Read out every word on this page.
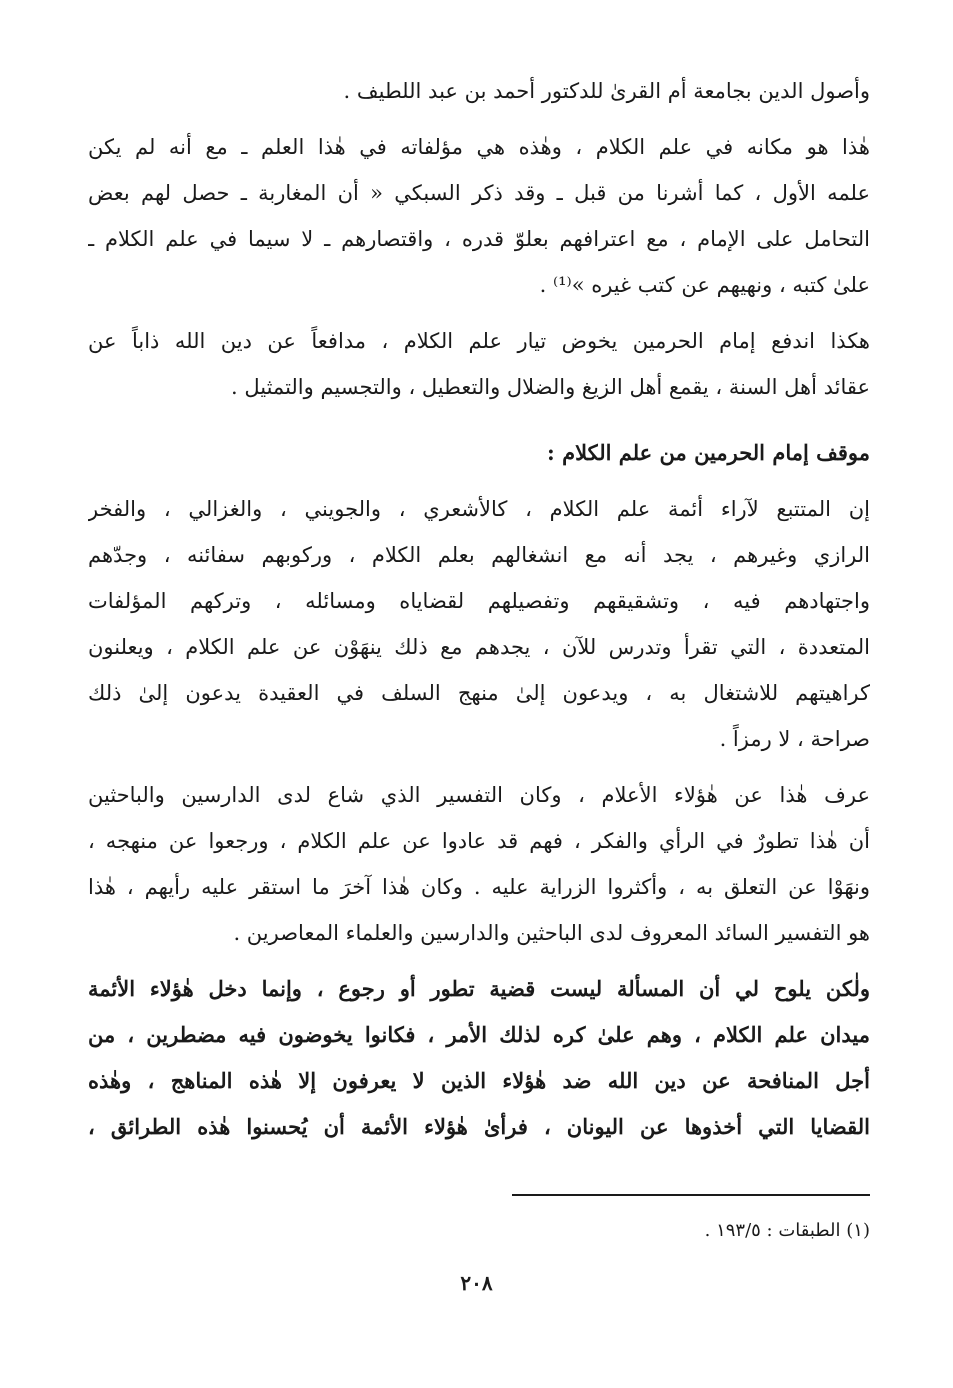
وأصول الدين بجامعة أم القرىٰ للدكتور أحمد بن عبد اللطيف .

هٰذا هو مكانه في علم الكلام ، وهٰذه هي مؤلفاته في هٰذا العلم ـ مع أنه لم يكن
علمه الأول ، كما أشرنا من قبل ـ وقد ذكر السبكي « أن المغاربة ـ حصل لهم بعض
التحامل على الإمام ، مع اعترافهم بعلوّ قدره ، واقتصارهم ـ لا سيما في علم الكلام ـ
علىٰ كتبه ، ونهيهم عن كتب غيره »⁽¹⁾ .

هكذا اندفع إمام الحرمين يخوض تيار علم الكلام ، مدافعاً عن دين الله ذاباً عن
عقائد أهل السنة ، يقمع أهل الزيغ والضلال والتعطيل ، والتجسيم والتمثيل .

موقف إمام الحرمين من علم الكلام :

إن المتتبع لآراء أئمة علم الكلام ، كالأشعري ، والجويني ، والغزالي ، والفخر
الرازي وغيرهم ، يجد أنه مع انشغالهم بعلم الكلام ، وركوبهم سفائنه ، وجدّهم
واجتهادهم فيه ، وتشقيقهم وتفصيلهم لقضاياه ومسائله ، وتركهم المؤلفات
المتعددة ، التي تقرأ وتدرس للآن ، يجدهم مع ذلك ينهَوْن عن علم الكلام ، ويعلنون
كراهيتهم للاشتغال به ، ويدعون إلىٰ منهج السلف في العقيدة يدعون إلىٰ ذلك
صراحة ، لا رمزاً .

عرف هٰذا عن هٰؤلاء الأعلام ، وكان التفسير الذي شاع لدى الدارسين والباحثين
أن هٰذا تطورٌ في الرأي والفكر ، فهم قد عادوا عن علم الكلام ، ورجعوا عن منهجه ،
ونهَوْا عن التعلق به ، وأكثروا الزراية عليه . وكان هٰذا آخرَ ما استقر عليه رأيهم ، هٰذا
هو التفسير السائد المعروف لدى الباحثين والدارسين والعلماء المعاصرين .

ولٰكن يلوح لي أن المسألة ليست قضية تطور أو رجوع ، وإنما دخل هٰؤلاء الأئمة
ميدان علم الكلام ، وهم علىٰ كره لذلك الأمر ، فكانوا يخوضون فيه مضطرين ، من
أجل المنافحة عن دين الله ضد هٰؤلاء الذين لا يعرفون إلا هٰذه المناهج ، وهٰذه
القضايا التي أخذوها عن اليونان ، فرأىٰ هٰؤلاء الأئمة أن يُحسنوا هٰذه الطرائق ،

(١) الطبقات : ١٩٣/٥ .
٢٠٨
